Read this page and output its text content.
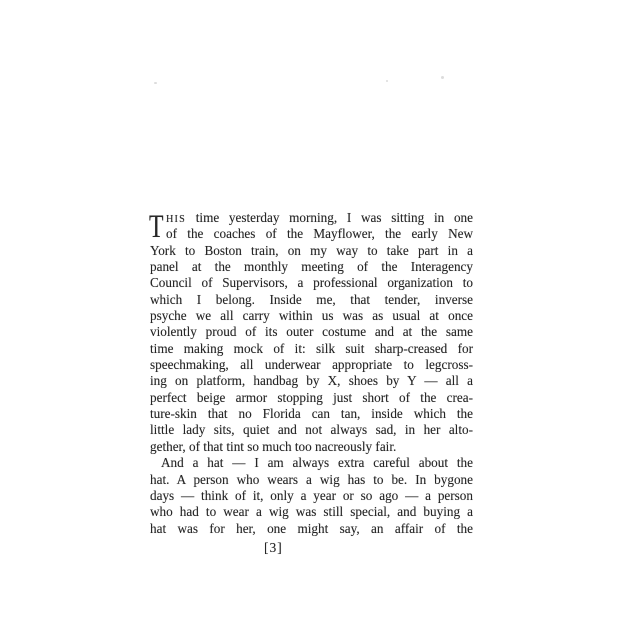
T HIS time yesterday morning, I was sitting in one
of the coaches of the Mayflower, the early New
York to Boston train, on my way to take part in a
panel at the monthly meeting of the Interagency
Council of Supervisors, a professional organization to
which I belong. Inside me, that tender, inverse
psyche we all carry within us was as usual at once
violently proud of its outer costume and at the same
time making mock of it: silk suit sharp-creased for
speechmaking, all underwear appropriate to legcross-
ing on platform, handbag by X, shoes by Y — all a
perfect beige armor stopping just short of the crea-
ture-skin that no Florida can tan, inside which the
little lady sits, quiet and not always sad, in her alto-
gether, of that tint so much too nacreously fair.
And a hat — I am always extra careful about the
hat. A person who wears a wig has to be. In bygone
days — think of it, only a year or so ago — a person
who had to wear a wig was still special, and buying a
hat was for her, one might say, an affair of the
[3]
